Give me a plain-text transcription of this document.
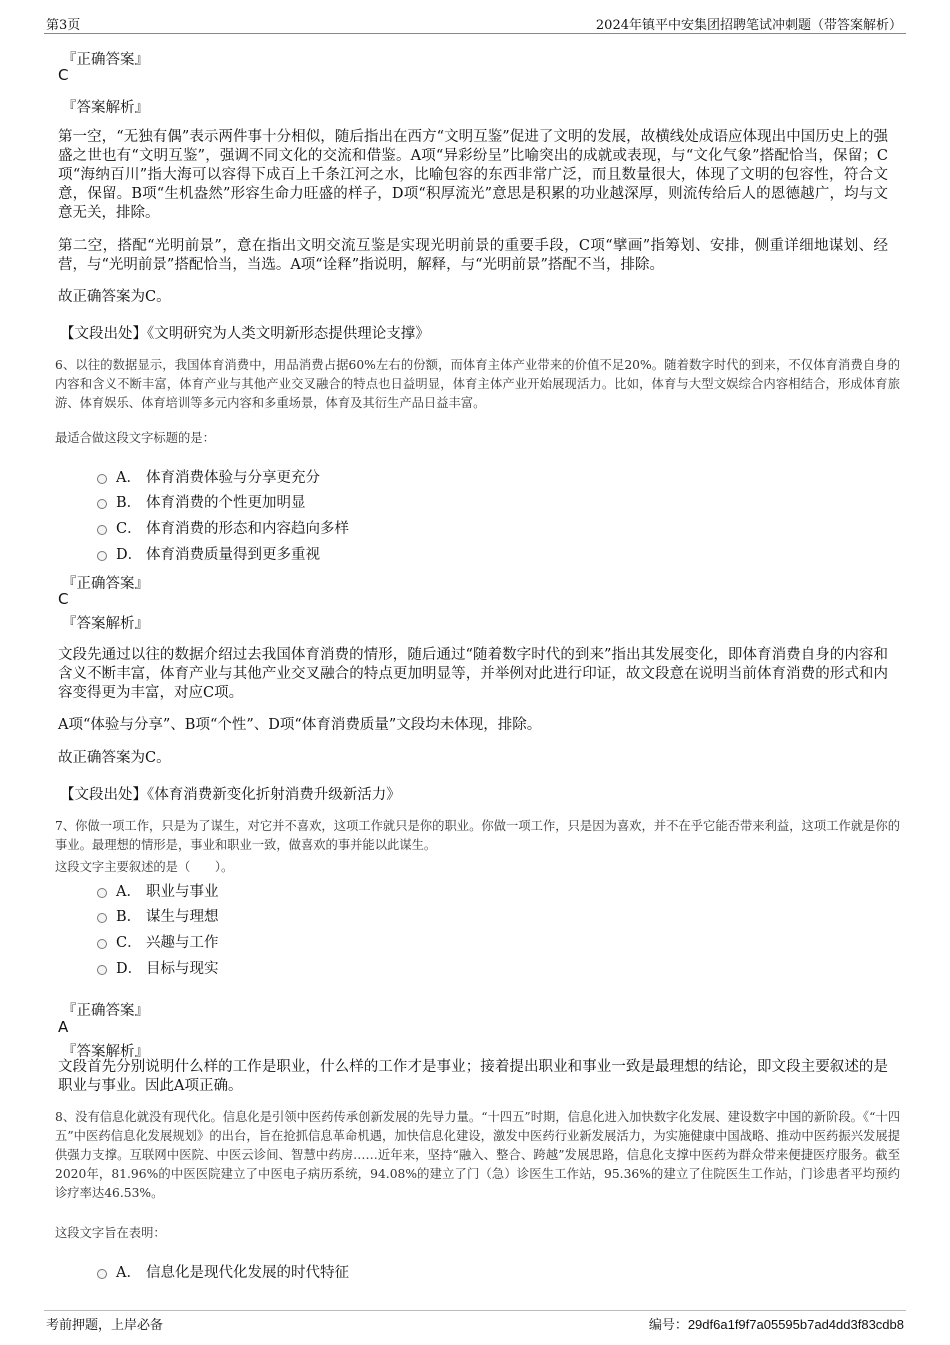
第3页	2024年镇平中安集团招聘笔试冲刺题（带答案解析）
『正确答案』
C
『答案解析』
第一空，“无独有偶”表示两件事十分相似，随后指出在西方“文明互鉴”促进了文明的发展，故横线处成语应体现出中国历史上的强盛之世也有“文明互鉴”，强调不同文化的交流和借鉴。A项“异彩纷呈”比喻突出的成就或表现，与“文化气象”搭配恰当，保留；C项“海纳百川”指大海可以容得下成百上千条江河之水，比喻包容的东西非常广泛，而且数量很大，体现了文明的包容性，符合文意，保留。B项“生机盎然”形容生命力旺盛的样子，D项“积厚流光”意思是积累的功业越深厚，则流传给后人的恩德越广，均与文意无关，排除。
第二空，搭配“光明前景”，意在指出文明交流互鉴是实现光明前景的重要手段，C项“擘画”指筹划、安排，侧重详细地谋划、经营，与“光明前景”搭配恰当，当选。A项“诠释”指说明，解释，与“光明前景”搭配不当，排除。
故正确答案为C。
【文段出处】《文明研究为人类文明新形态提供理论支撑》
6、以往的数据显示，我国体育消费中，用品消费占据60%左右的份额，而体育主体产业带来的价值不足20%。随着数字时代的到来，不仅体育消费自身的内容和含义不断丰富，体育产业与其他产业交叉融合的特点也日益明显，体育主体产业开始展现活力。比如，体育与大型文娱综合内容相结合，形成体育旅游、体育娱乐、体育培训等多元内容和多重场景，体育及其衍生产品日益丰富。
最适合做这段文字标题的是：
A． 体育消费体验与分享更充分
B． 体育消费的个性更加明显
C． 体育消费的形态和内容趋向多样
D． 体育消费质量得到更多重视
『正确答案』
C
『答案解析』
文段先通过以往的数据介绍过去我国体育消费的情形，随后通过“随着数字时代的到来”指出其发展变化，即体育消费自身的内容和含义不断丰富，体育产业与其他产业交叉融合的特点更加明显等，并举例对此进行印证，故文段意在说明当前体育消费的形式和内容变得更为丰富，对应C项。
A项“体验与分享”、B项“个性”、D项“体育消费质量”文段均未体现，排除。
故正确答案为C。
【文段出处】《体育消费新变化折射消费升级新活力》
7、你做一项工作，只是为了谋生，对它并不喜欢，这项工作就只是你的职业。你做一项工作，只是因为喜欢，并不在乎它能否带来利益，这项工作就是你的事业。最理想的情形是，事业和职业一致，做喜欢的事并能以此谋生。
这段文字主要叙述的是（　　）。
A． 职业与事业
B． 谋生与理想
C． 兴趣与工作
D． 目标与现实
『正确答案』
A
『答案解析』
文段首先分别说明什么样的工作是职业，什么样的工作才是事业；接着提出职业和事业一致是最理想的结论，即文段主要叙述的是职业与事业。因此A项正确。
8、没有信息化就没有现代化。信息化是引领中医药传承创新发展的先导力量。“十四五”时期，信息化进入加快数字化发展、建设数字中国的新阶段。《“十四五”中医药信息化发展规划》的出台，旨在抢抓信息革命机遇，加快信息化建设，激发中医药行业新发展活力，为实施健康中国战略、推动中医药振兴发展提供强力支撑。互联网中医院、中医云诊间、智慧中药房……近年来，坚持“融入、整合、跨越”发展思路，信息化支撑中医药为群众带来便捷医疗服务。截至2020年，81.96%的中医医院建立了中医电子病历系统，94.08%的建立了门（急）诊医生工作站，95.36%的建立了住院医生工作站，门诊患者平均预约诊疗率达46.53%。
这段文字旨在表明：
A． 信息化是现代化发展的时代特征
考前押题，上岸必备	编号：29df6a1f9f7a05595b7ad4dd3f83cdb8
